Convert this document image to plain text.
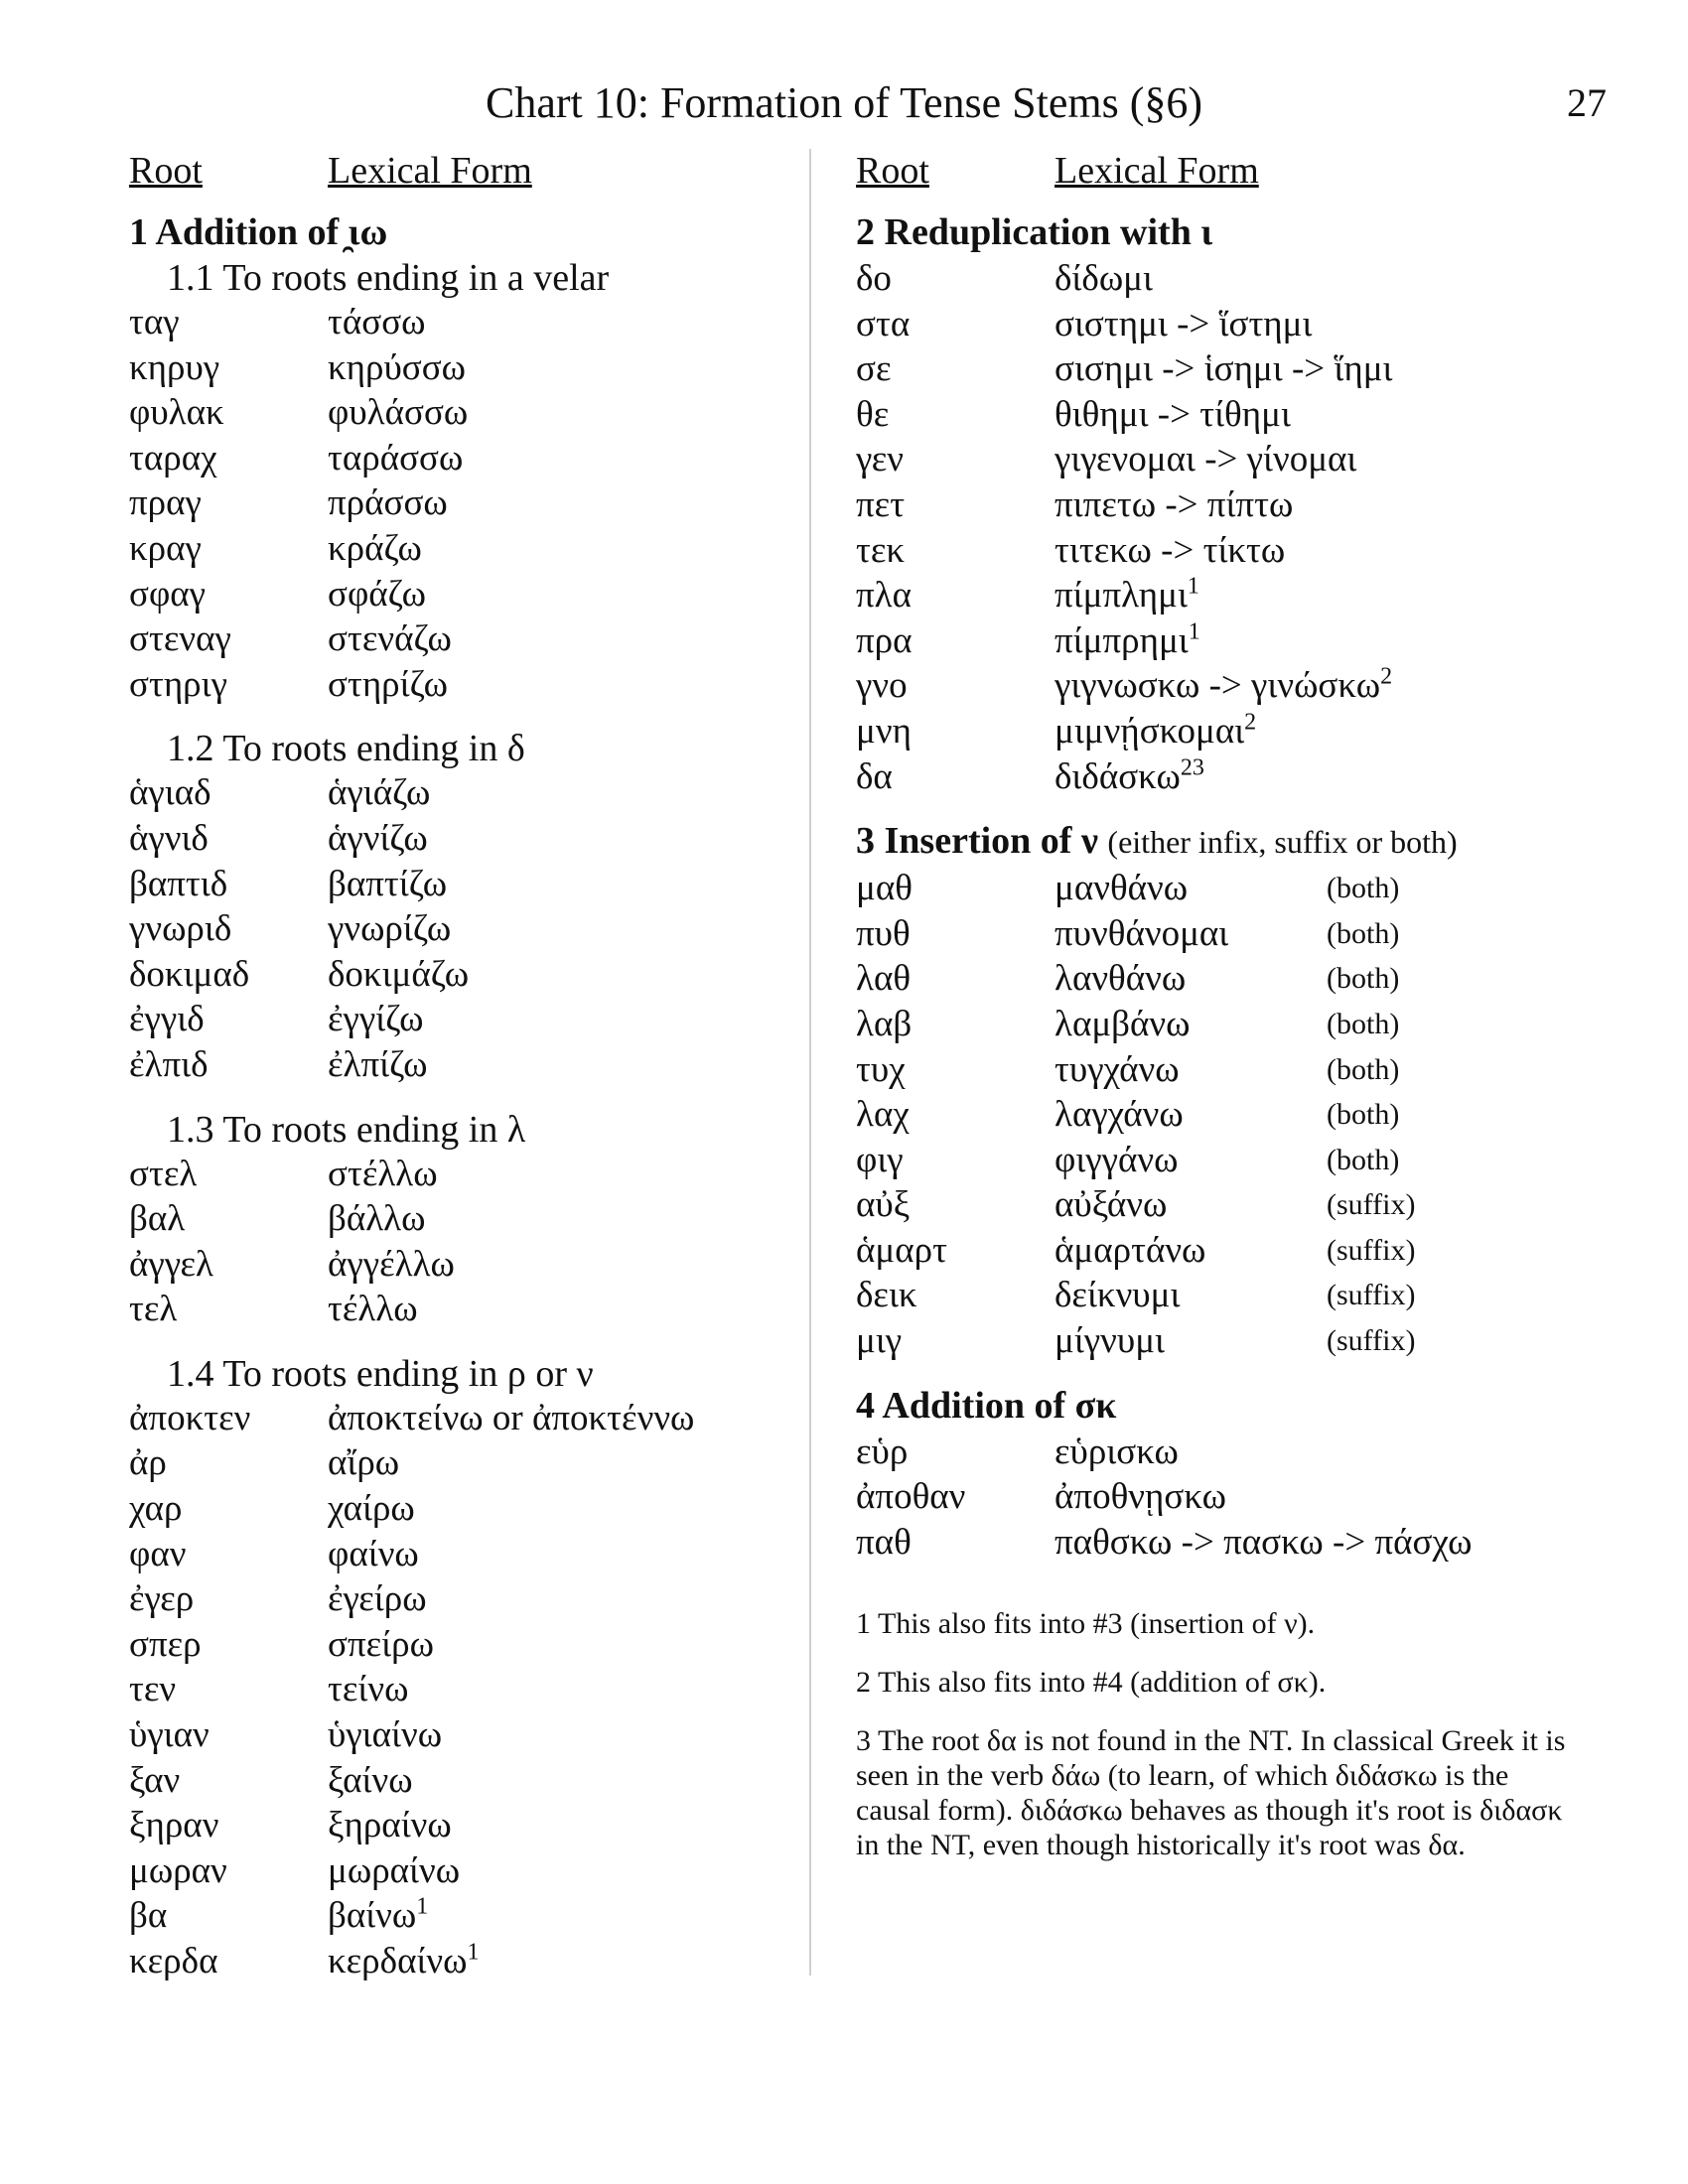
Chart 10: Formation of Tense Stems (§6)	27
Root	Lexical Form
1 Addition of ̯ιω
1.1 To roots ending in a velar
ταγ	τάσσω
κηρυγ	κηρύσσω
φυλακ	φυλάσσω
ταραχ	ταράσσω
πραγ	πράσσω
κραγ	κράζω
σφαγ	σφάζω
στεναγ	στενάζω
στηριγ	στηρίζω
1.2 To roots ending in δ
ἁγιαδ	ἁγιάζω
ἁγνιδ	ἁγνίζω
βαπτιδ	βαπτίζω
γνωριδ	γνωρίζω
δοκιμαδ	δοκιμάζω
ἐγγιδ	ἐγγίζω
ἐλπιδ	ἐλπίζω
1.3 To roots ending in λ
στελ	στέλλω
βαλ	βάλλω
ἀγγελ	ἀγγέλλω
τελ	τέλλω
1.4 To roots ending in ρ or ν
ἀποκτεν	ἀποκτείνω or ἀποκτέννω
ἀρ	αἴρω
χαρ	χαίρω
φαν	φαίνω
ἐγερ	ἐγείρω
σπερ	σπείρω
τεν	τείνω
ὑγιαν	ὑγιαίνω
ξαν	ξαίνω
ξηραν	ξηραίνω
μωραν	μωραίνω
βα	βαίνω$^1$
κερδα	κερδαίνω$^1$
Root	Lexical Form
2 Reduplication with ι
δο	δίδωμι
στα	σιστημι -> ἵστημι
σε	σισημι -> ἱσημι -> ἵημι
θε	θιθημι -> τίθημι
γεν	γιγενομαι -> γίνομαι
πετ	πιπετω -> πίπτω
τεκ	τιτεκω -> τίκτω
πλα	πίμπλημι$^1$
πρα	πίμπρημι$^1$
γνο	γιγνωσκω -> γινώσκω$^2$
μνη	μιμνῄσκομαι$^2$
δα	διδάσκω$^{23}$
3 Insertion of ν (either infix, suffix or both)
μαθ	μανθάνω	(both)
πυθ	πυνθάνομαι	(both)
λαθ	λανθάνω	(both)
λαβ	λαμβάνω	(both)
τυχ	τυγχάνω	(both)
λαχ	λαγχάνω	(both)
φιγ	φιγγάνω	(both)
αὐξ	αὐξάνω	(suffix)
ἁμαρτ	ἁμαρτάνω	(suffix)
δεικ	δείκνυμι	(suffix)
μιγ	μίγνυμι	(suffix)
4 Addition of σκ
εὑρ	εὑρισκω
ἀποθαν	ἀποθνῃσκω
παθ	παθσκω -> πασκω -> πάσχω
1 This also fits into #3 (insertion of ν).
2 This also fits into #4 (addition of σκ).
3 The root δα is not found in the NT. In classical Greek it is seen in the verb δάω (to learn, of which διδάσκω is the causal form). διδάσκω behaves as though it's root is διδασκ in the NT, even though historically it's root was δα.
